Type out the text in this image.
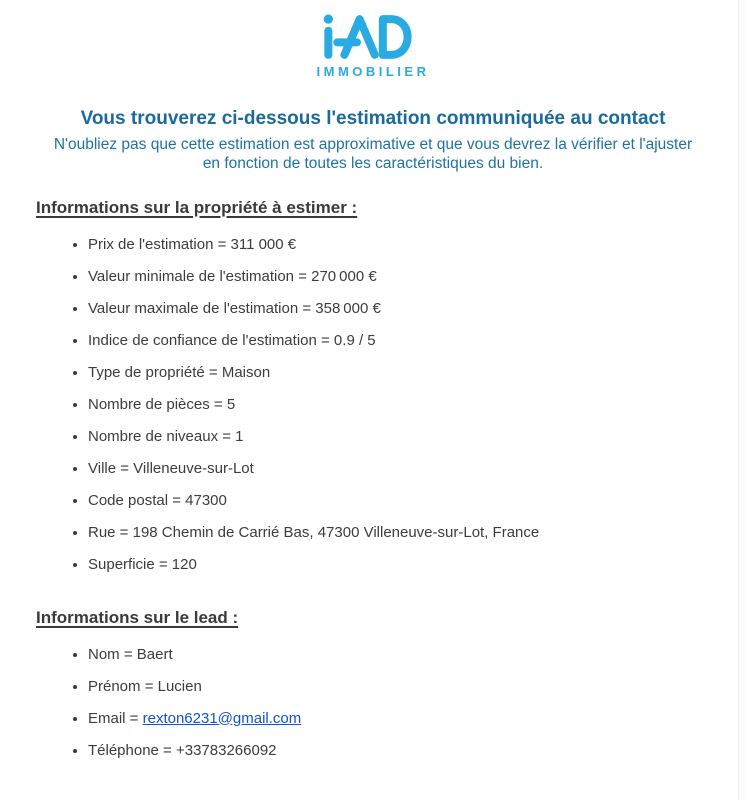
IMMOBILIER
Vous trouverez ci-dessous l'estimation communiquée au contact
N'oubliez pas que cette estimation est approximative et que vous devrez la vérifier et l'ajuster en fonction de toutes les caractéristiques du bien.
Informations sur la propriété à estimer :
• Prix de l'estimation = 311 000 €
• Valeur minimale de l'estimation = 270 000 €
• Valeur maximale de l'estimation = 358 000 €
• Indice de confiance de l'estimation = 0.9 / 5
• Type de propriété = Maison
• Nombre de pièces = 5
• Nombre de niveaux = 1
• Ville = Villeneuve-sur-Lot
• Code postal = 47300
• Rue = 198 Chemin de Carrié Bas, 47300 Villeneuve-sur-Lot, France
• Superficie = 120
Informations sur le lead :
• Nom = Baert
• Prénom = Lucien
• Email = rexton6231@gmail.com
• Téléphone = +33783266092
